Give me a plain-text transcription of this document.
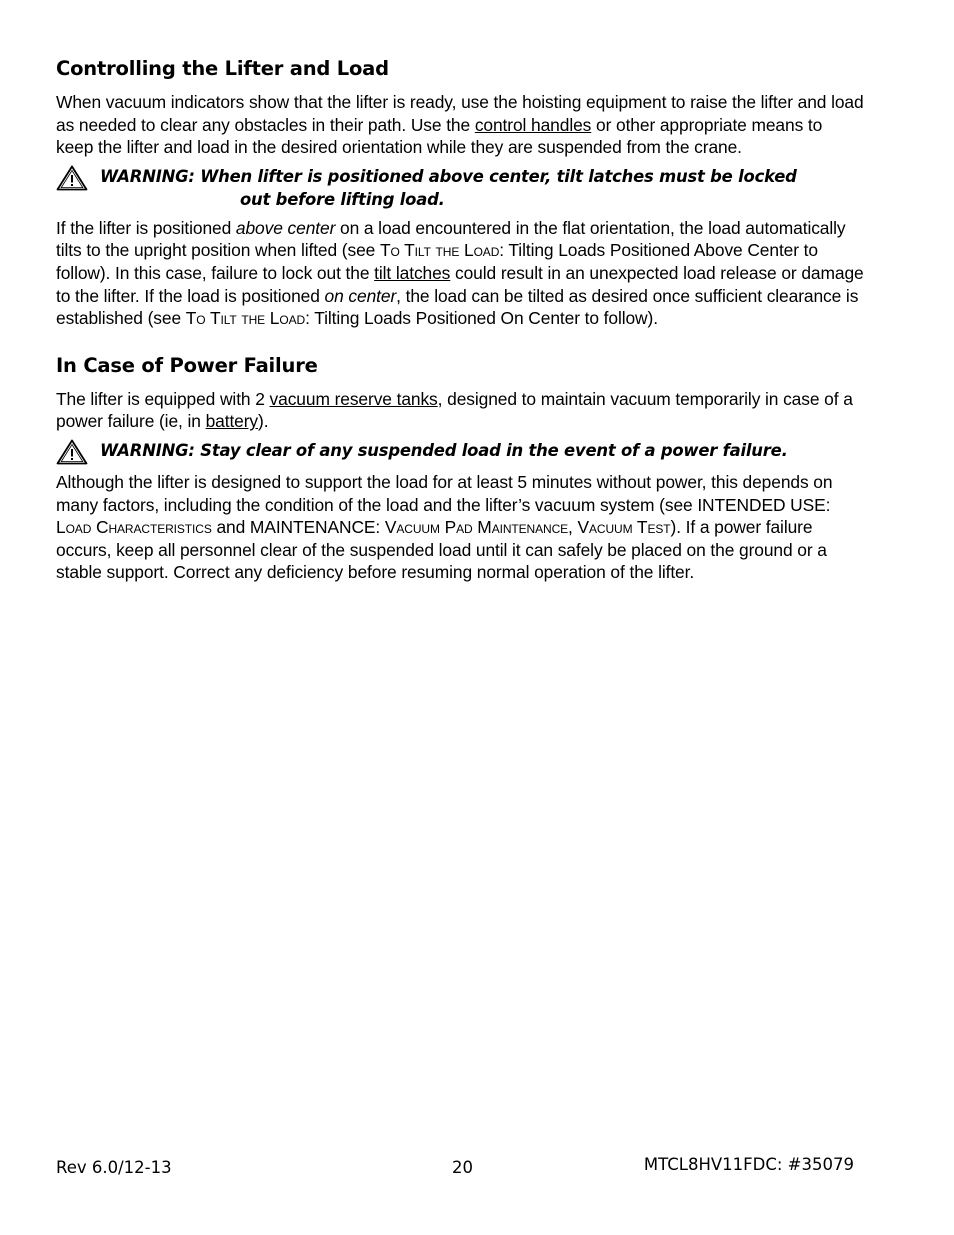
Controlling the Lifter and Load

When vacuum indicators show that the lifter is ready, use the hoisting equipment to raise the lifter and load as needed to clear any obstacles in their path. Use the control handles or other appropriate means to keep the lifter and load in the desired orientation while they are suspended from the crane.

WARNING: When lifter is positioned above center, tilt latches must be locked
out before lifting load.

If the lifter is positioned above center on a load encountered in the flat orientation, the load automatically tilts to the upright position when lifted (see To Tilt the Load: Tilting Loads Positioned Above Center to follow). In this case, failure to lock out the tilt latches could result in an unexpected load release or damage to the lifter. If the load is positioned on center, the load can be tilted as desired once sufficient clearance is established (see To Tilt the Load: Tilting Loads Positioned On Center to follow).

In Case of Power Failure

The lifter is equipped with 2 vacuum reserve tanks, designed to maintain vacuum temporarily in case of a power failure (ie, in battery).

WARNING: Stay clear of any suspended load in the event of a power failure.

Although the lifter is designed to support the load for at least 5 minutes without power, this depends on many factors, including the condition of the load and the lifter’s vacuum system (see INTENDED USE: Load Characteristics and MAINTENANCE: Vacuum Pad Maintenance, Vacuum Test). If a power failure occurs, keep all personnel clear of the suspended load until it can safely be placed on the ground or a stable support. Correct any deficiency before resuming normal operation of the lifter.

Rev 6.0/12-13	20	MTCL8HV11FDC: #35079
